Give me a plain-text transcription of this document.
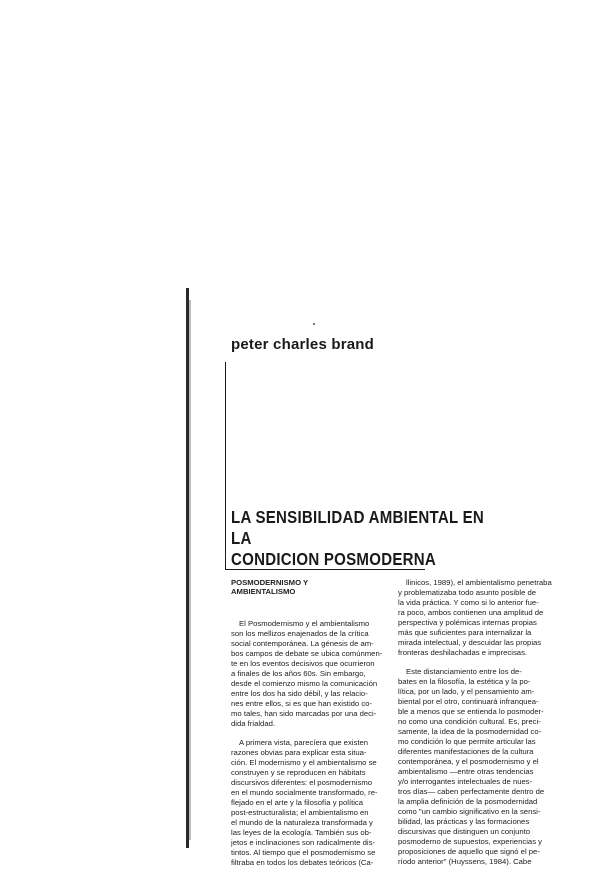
peter charles brand
LA SENSIBILIDAD AMBIENTAL EN LA
CONDICION POSMODERNA
POSMODERNISMO Y
AMBIENTALISMO
El Posmodernismo y el ambientalismo
son los mellizos enajenados de la crítica
social contemporánea. La génesis de am-
bos campos de debate se ubica comúnmen-
te en los eventos decisivos que ocurrieron
a finales de los años 60s. Sin embargo,
desde el comienzo mismo la comunicación
entre los dos ha sido débil, y las relacio-
nes entre ellos, si es que han existido co-
mo tales, han sido marcadas por una deci-
dida frialdad.
A primera vista, parecíera que existen
razones obvias para explicar esta situa-
ción. El modernismo y el ambientalismo se
construyen y se reproducen en hábitats
discursivos diferentes: el posmodernismo
en el mundo socialmente transformado, re-
flejado en el arte y la filosofía y política
post-estructuralista; el ambientalismo en
el mundo de la naturaleza transformada y
las leyes de la ecología. También sus ob-
jetos e inclinaciones son radicalmente dis-
tintos. Al tiempo que el posmodernismo se
filtraba en todos los debates teóricos (Ca-
llinicos, 1989), el ambientalismo penetraba
y problematizaba todo asunto posible de
la vida práctica. Y como si lo anterior fue-
ra poco, ambos contienen una amplitud de
perspectiva y polémicas internas propias
más que suficientes para internalizar la
mirada intelectual, y descuidar las propias
fronteras deshilachadas e imprecisas.
Este distanciamiento entre los de-
bates en la filosofía, la estética y la po-
lítica, por un lado, y el pensamiento am-
biental por el otro, continuará infranquea-
ble a menos que se entienda lo posmoder-
no como una condición cultural. Es, preci-
samente, la idea de la posmodernidad co-
mo condición lo que permite articular las
diferentes manifestaciones de la cultura
contemporánea, y el posmodernismo y el
ambientalismo —entre otras tendencias
y/o interrogantes intelectuales de nues-
tros días— caben perfectamente dentro de
la amplia definición de la posmodernidad
como "un cambio significativo en la sensi-
bilidad, las prácticas y las formaciones
discursivas que distinguen un conjunto
posmoderno de supuestos, experiencias y
proposiciones de aquello que signó el pe-
ríodo anterior" (Huyssens, 1984). Cabe
